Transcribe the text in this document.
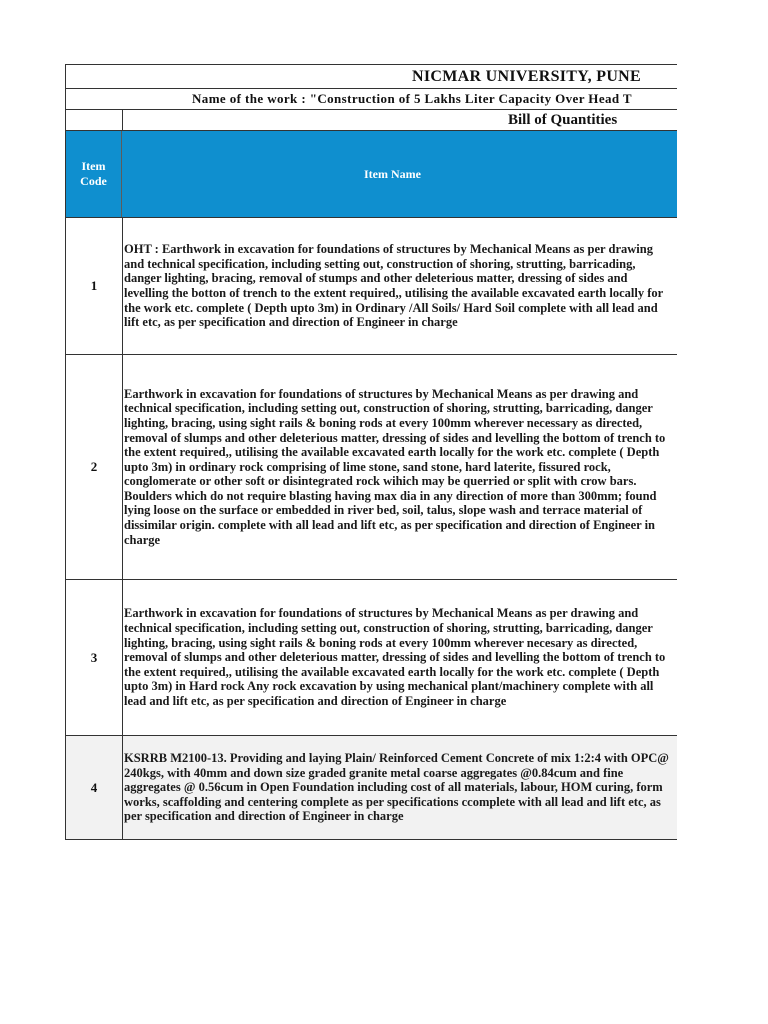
NICMAR UNIVERSITY, PUNE
Name of the work : "Construction of 5 Lakhs Liter Capacity Over Head T
Bill of Quantities
Item Code
Item Name
1
OHT : Earthwork in excavation for foundations of structures by Mechanical Means as per drawing and technical specification, including setting out, construction of shoring, strutting, barricading, danger lighting, bracing, removal of stumps and other deleterious matter, dressing of sides and levelling the botton of trench to the extent required,, utilising the available excavated earth locally for the work etc. complete ( Depth upto 3m) in Ordinary /All Soils/ Hard Soil complete with all lead and lift etc, as per specification and direction of Engineer in charge
2
Earthwork in excavation for foundations of structures by Mechanical Means as per drawing and technical specification, including setting out, construction of shoring, strutting, barricading, danger lighting, bracing, using sight rails & boning rods at every 100mm wherever necessary as directed, removal of slumps and other deleterious matter, dressing of sides and levelling the bottom of trench to the extent required,, utilising the available excavated earth locally for the work etc. complete ( Depth upto 3m) in ordinary rock comprising of lime stone, sand stone, hard laterite, fissured rock, conglomerate or other soft or disintegrated rock wihich may be querried or split with crow bars. Boulders which do not require blasting having max dia in any direction of more than 300mm; found lying loose on the surface or embedded in river bed, soil, talus, slope wash and terrace material of dissimilar origin. complete with all lead and lift etc, as per specification and direction of Engineer in charge
3
Earthwork in excavation for foundations of structures by Mechanical Means as per drawing and technical specification, including setting out, construction of shoring, strutting, barricading, danger lighting, bracing, using sight rails & boning rods at every 100mm wherever necesary as directed, removal of slumps and other deleterious matter, dressing of sides and levelling the bottom of trench to the extent required,, utilising the available excavated earth locally for the work etc. complete ( Depth upto 3m) in Hard rock Any rock excavation by using mechanical plant/machinery complete with all lead and lift etc, as per specification and direction of Engineer in charge
4
KSRRB M2100-13. Providing and laying Plain/ Reinforced Cement Concrete of mix 1:2:4 with OPC@ 240kgs, with 40mm and down size graded granite metal coarse aggregates @0.84cum and fine aggregates @ 0.56cum in Open Foundation including cost of all materials, labour, HOM curing, form works, scaffolding and centering complete as per specifications ccomplete with all lead and lift etc, as per specification and direction of Engineer in charge
